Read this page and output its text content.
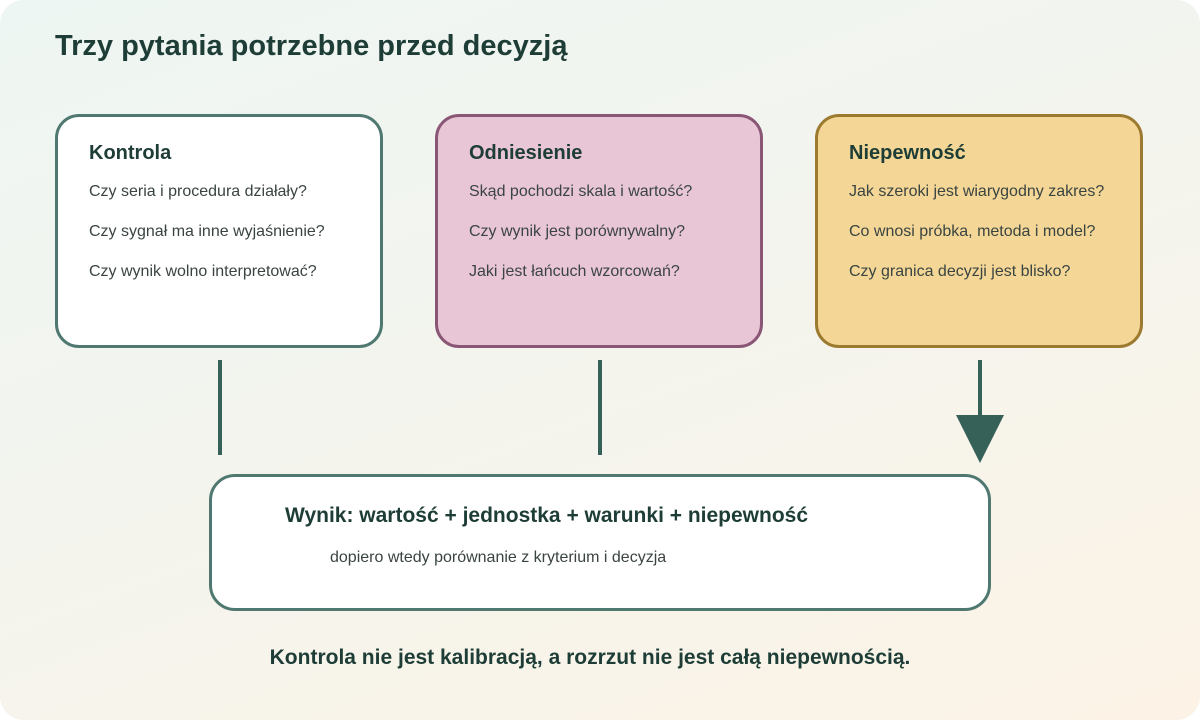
Trzy pytania potrzebne przed decyzją
Kontrola

Czy seria i procedura działały?

Czy sygnał ma inne wyjaśnienie?

Czy wynik wolno interpretować?

Odniesienie

Skąd pochodzi skala i wartość?

Czy wynik jest porównywalny?

Jaki jest łańcuch wzorcowań?

Niepewność

Jak szeroki jest wiarygodny zakres?

Co wnosi próbka, metoda i model?

Czy granica decyzji jest blisko?

Wynik: wartość + jednostka + warunki + niepewność

dopiero wtedy porównanie z kryterium i decyzja

Kontrola nie jest kalibracją, a rozrzut nie jest całą niepewnością.
